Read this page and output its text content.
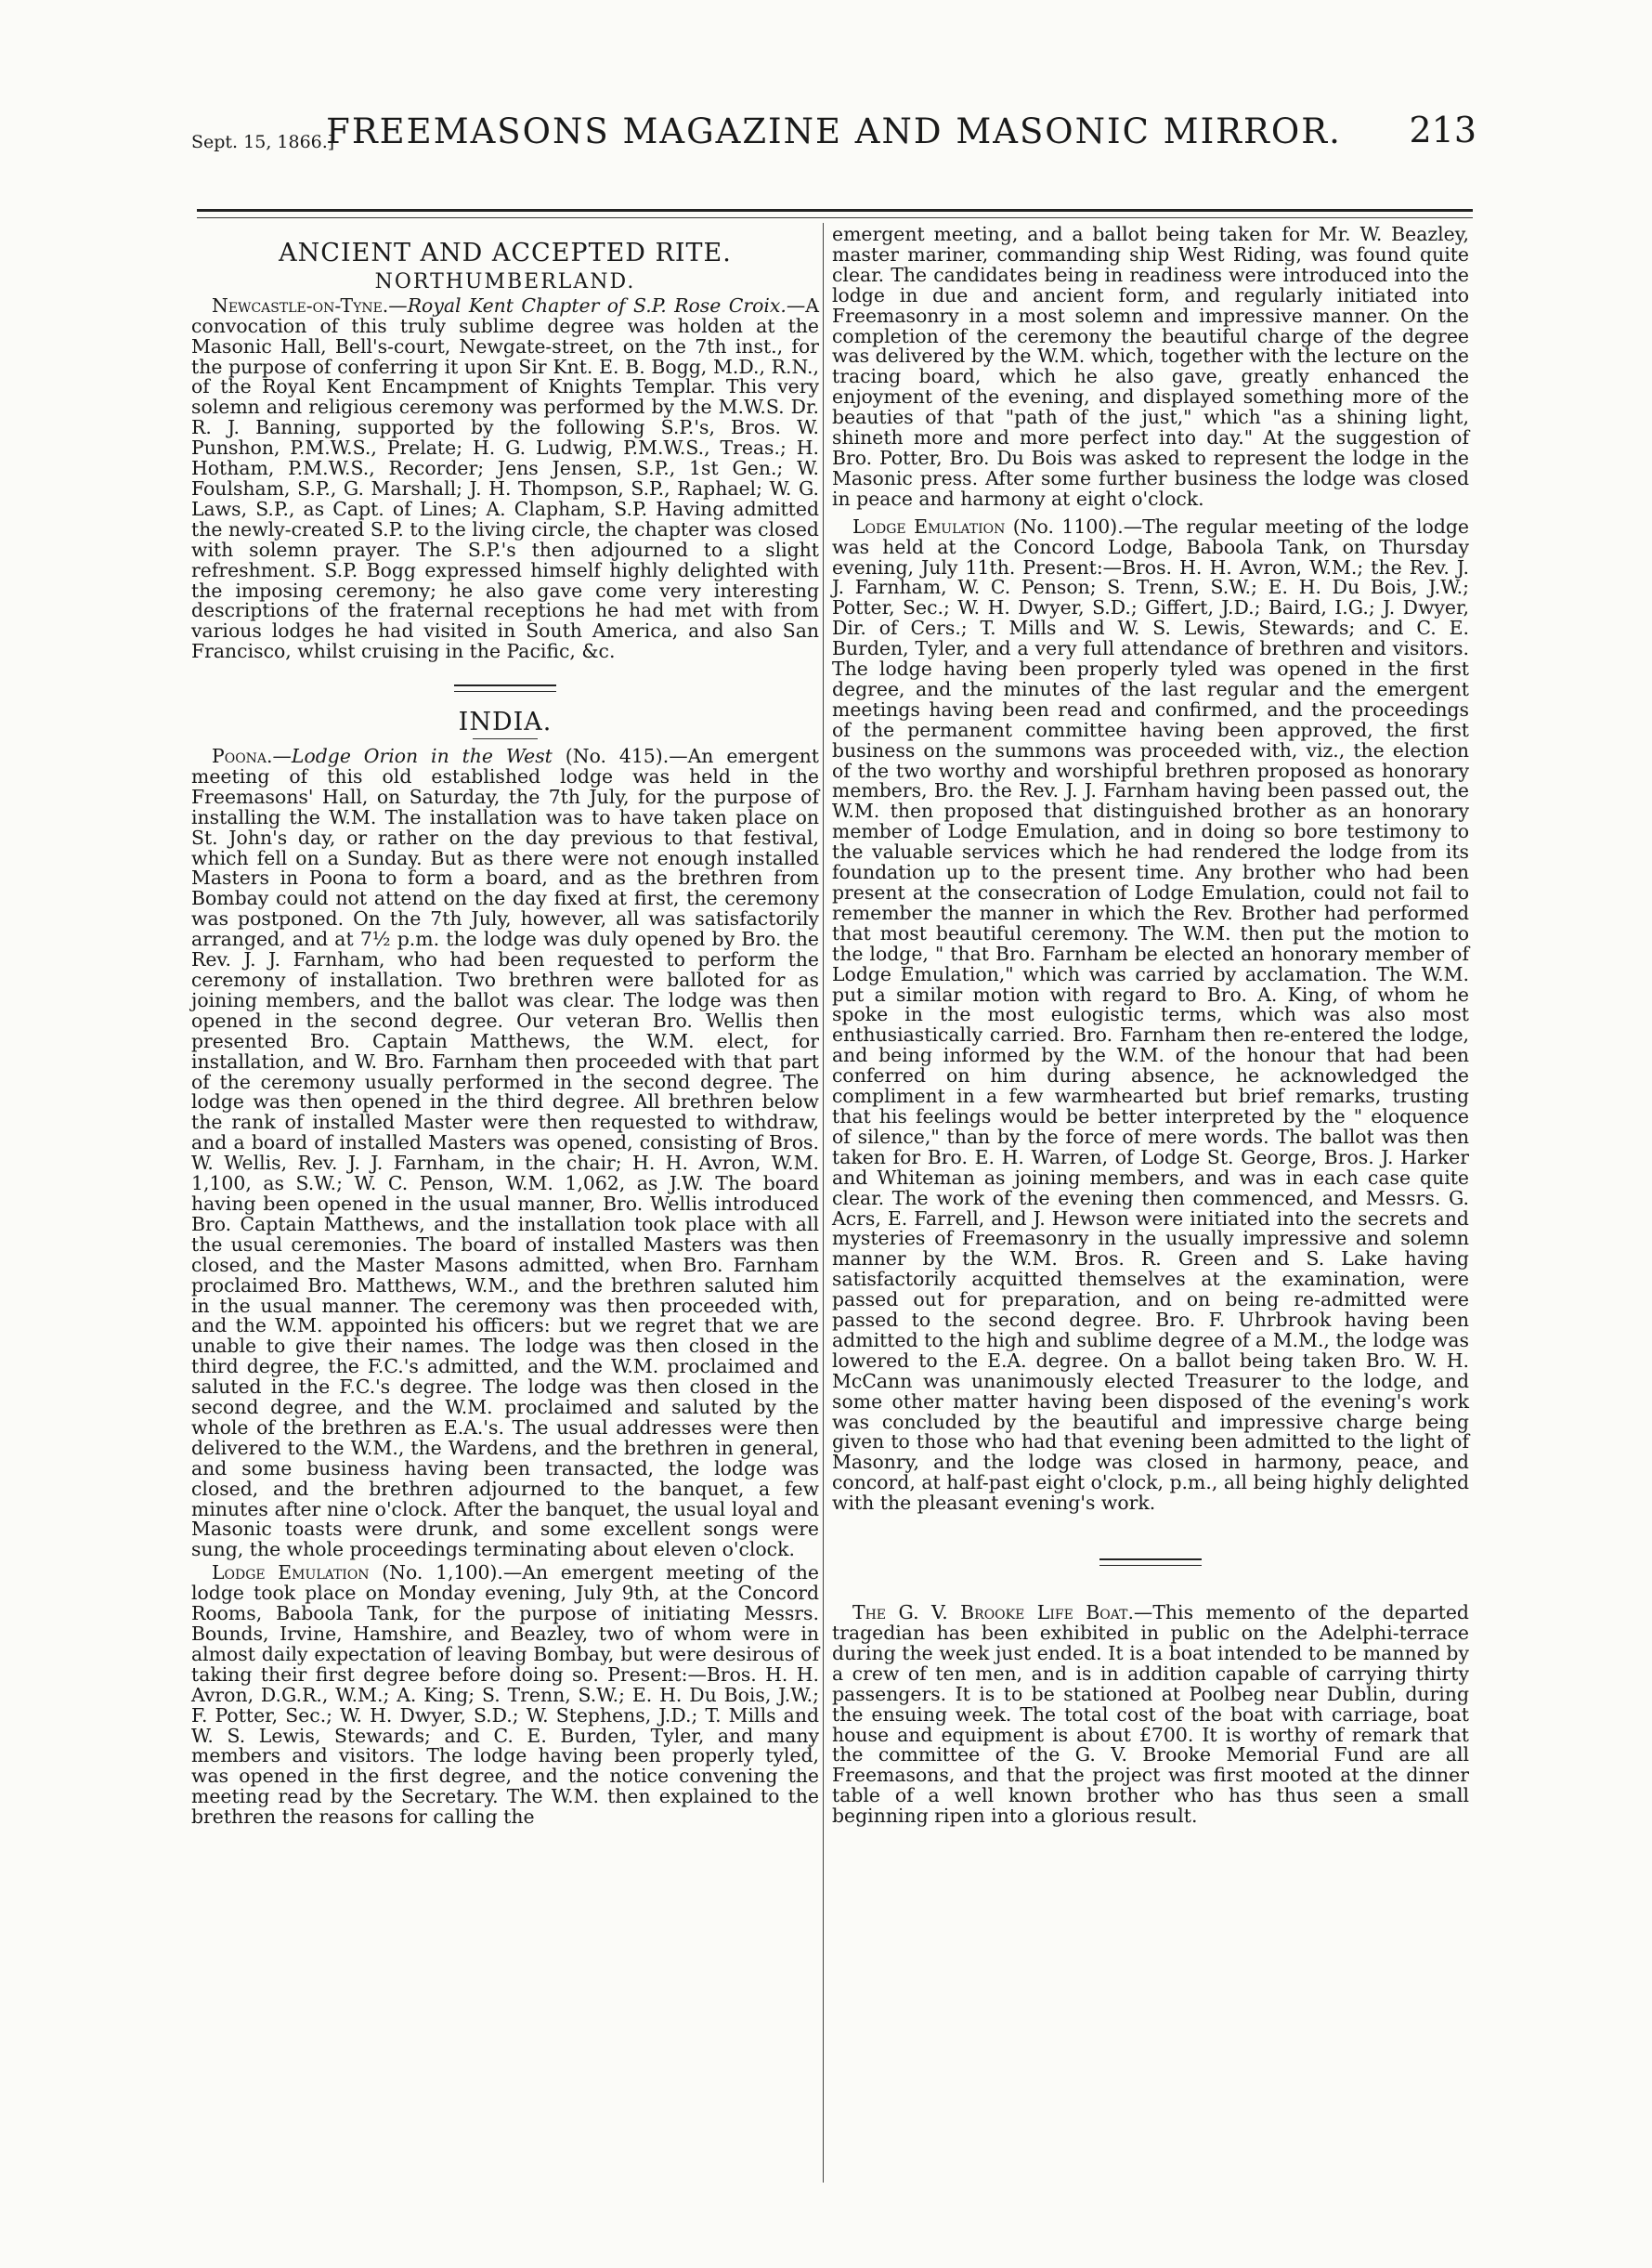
Sept. 15, 1866.]
FREEMASONS MAGAZINE AND MASONIC MIRROR.	213
ANCIENT AND ACCEPTED RITE.
NORTHUMBERLAND.

Newcastle-on-Tyne.—Royal Kent Chapter of S.P. Rose Croix.—A convocation of this truly sublime degree was holden at the Masonic Hall, Bell's-court, Newgate-street, on the 7th inst., for the purpose of conferring it upon Sir Knt. E. B. Bogg, M.D., R.N., of the Royal Kent Encampment of Knights Templar. This very solemn and religious ceremony was performed by the M.W.S. Dr. R. J. Banning, supported by the following S.P.'s, Bros. W. Punshon, P.M.W.S., Prelate; H. G. Ludwig, P.M.W.S., Treas.; H. Hotham, P.M.W.S., Recorder; Jens Jensen, S.P., 1st Gen.; W. Foulsham, S.P., G. Marshall; J. H. Thompson, S.P., Raphael; W. G. Laws, S.P., as Capt. of Lines; A. Clapham, S.P. Having admitted the newly-created S.P. to the living circle, the chapter was closed with solemn prayer. The S.P.'s then adjourned to a slight refreshment. S.P. Bogg expressed himself highly delighted with the imposing ceremony; he also gave come very interesting descriptions of the fraternal receptions he had met with from various lodges he had visited in South America, and also San Francisco, whilst cruising in the Pacific, &c.

INDIA.

Poona.—Lodge Orion in the West (No. 415).—An emergent meeting of this old established lodge was held in the Freemasons' Hall, on Saturday, the 7th July, for the purpose of installing the W.M. The installation was to have taken place on St. John's day, or rather on the day previous to that festival, which fell on a Sunday. But as there were not enough installed Masters in Poona to form a board, and as the brethren from Bombay could not attend on the day fixed at first, the ceremony was postponed. On the 7th July, however, all was satisfactorily arranged, and at 7½ p.m. the lodge was duly opened by Bro. the Rev. J. J. Farnham, who had been requested to perform the ceremony of installation. Two brethren were balloted for as joining members, and the ballot was clear. The lodge was then opened in the second degree. Our veteran Bro. Wellis then presented Bro. Captain Matthews, the W.M. elect, for installation, and W. Bro. Farnham then proceeded with that part of the ceremony usually performed in the second degree. The lodge was then opened in the third degree. All brethren below the rank of installed Master were then requested to withdraw, and a board of installed Masters was opened, consisting of Bros. W. Wellis, Rev. J. J. Farnham, in the chair; H. H. Avron, W.M. 1,100, as S.W.; W. C. Penson, W.M. 1,062, as J.W. The board having been opened in the usual manner, Bro. Wellis introduced Bro. Captain Matthews, and the installation took place with all the usual ceremonies. The board of installed Masters was then closed, and the Master Masons admitted, when Bro. Farnham proclaimed Bro. Matthews, W.M., and the brethren saluted him in the usual manner. The ceremony was then proceeded with, and the W.M. appointed his officers: but we regret that we are unable to give their names. The lodge was then closed in the third degree, the F.C.'s admitted, and the W.M. proclaimed and saluted in the F.C.'s degree. The lodge was then closed in the second degree, and the W.M. proclaimed and saluted by the whole of the brethren as E.A.'s. The usual addresses were then delivered to the W.M., the Wardens, and the brethren in general, and some business having been transacted, the lodge was closed, and the brethren adjourned to the banquet, a few minutes after nine o'clock. After the banquet, the usual loyal and Masonic toasts were drunk, and some excellent songs were sung, the whole proceedings terminating about eleven o'clock.

Lodge Emulation (No. 1,100).—An emergent meeting of the lodge took place on Monday evening, July 9th, at the Concord Rooms, Baboola Tank, for the purpose of initiating Messrs. Bounds, Irvine, Hamshire, and Beazley, two of whom were in almost daily expectation of leaving Bombay, but were desirous of taking their first degree before doing so. Present:—Bros. H. H. Avron, D.G.R., W.M.; A. King; S. Trenn, S.W.; E. H. Du Bois, J.W.; F. Potter, Sec.; W. H. Dwyer, S.D.; W. Stephens, J.D.; T. Mills and W. S. Lewis, Stewards; and C. E. Burden, Tyler, and many members and visitors. The lodge having been properly tyled, was opened in the first degree, and the notice convening the meeting read by the Secretary. The W.M. then explained to the brethren the reasons for calling the

emergent meeting, and a ballot being taken for Mr. W. Beazley, master mariner, commanding ship West Riding, was found quite clear. The candidates being in readiness were introduced into the lodge in due and ancient form, and regularly initiated into Freemasonry in a most solemn and impressive manner. On the completion of the ceremony the beautiful charge of the degree was delivered by the W.M. which, together with the lecture on the tracing board, which he also gave, greatly enhanced the enjoyment of the evening, and displayed something more of the beauties of that "path of the just," which "as a shining light, shineth more and more perfect into day." At the suggestion of Bro. Potter, Bro. Du Bois was asked to represent the lodge in the Masonic press. After some further business the lodge was closed in peace and harmony at eight o'clock.

Lodge Emulation (No. 1100).—The regular meeting of the lodge was held at the Concord Lodge, Baboola Tank, on Thursday evening, July 11th. Present:—Bros. H. H. Avron, W.M.; the Rev. J. J. Farnham, W. C. Penson; S. Trenn, S.W.; E. H. Du Bois, J.W.; Potter, Sec.; W. H. Dwyer, S.D.; Giffert, J.D.; Baird, I.G.; J. Dwyer, Dir. of Cers.; T. Mills and W. S. Lewis, Stewards; and C. E. Burden, Tyler, and a very full attendance of brethren and visitors. The lodge having been properly tyled was opened in the first degree, and the minutes of the last regular and the emergent meetings having been read and confirmed, and the proceedings of the permanent committee having been approved, the first business on the summons was proceeded with, viz., the election of the two worthy and worshipful brethren proposed as honorary members, Bro. the Rev. J. J. Farnham having been passed out, the W.M. then proposed that distinguished brother as an honorary member of Lodge Emulation, and in doing so bore testimony to the valuable services which he had rendered the lodge from its foundation up to the present time. Any brother who had been present at the consecration of Lodge Emulation, could not fail to remember the manner in which the Rev. Brother had performed that most beautiful ceremony. The W.M. then put the motion to the lodge, " that Bro. Farnham be elected an honorary member of Lodge Emulation," which was carried by acclamation. The W.M. put a similar motion with regard to Bro. A. King, of whom he spoke in the most eulogistic terms, which was also most enthusiastically carried. Bro. Farnham then re-entered the lodge, and being informed by the W.M. of the honour that had been conferred on him during absence, he acknowledged the compliment in a few warmhearted but brief remarks, trusting that his feelings would be better interpreted by the " eloquence of silence," than by the force of mere words. The ballot was then taken for Bro. E. H. Warren, of Lodge St. George, Bros. J. Harker and Whiteman as joining members, and was in each case quite clear. The work of the evening then commenced, and Messrs. G. Acrs, E. Farrell, and J. Hewson were initiated into the secrets and mysteries of Freemasonry in the usually impressive and solemn manner by the W.M. Bros. R. Green and S. Lake having satisfactorily acquitted themselves at the examination, were passed out for preparation, and on being re-admitted were passed to the second degree. Bro. F. Uhrbrook having been admitted to the high and sublime degree of a M.M., the lodge was lowered to the E.A. degree. On a ballot being taken Bro. W. H. McCann was unanimously elected Treasurer to the lodge, and some other matter having been disposed of the evening's work was concluded by the beautiful and impressive charge being given to those who had that evening been admitted to the light of Masonry, and the lodge was closed in harmony, peace, and concord, at half-past eight o'clock, p.m., all being highly delighted with the pleasant evening's work.

The G. V. Brooke Life Boat.—This memento of the departed tragedian has been exhibited in public on the Adelphi-terrace during the week just ended. It is a boat intended to be manned by a crew of ten men, and is in addition capable of carrying thirty passengers. It is to be stationed at Poolbeg near Dublin, during the ensuing week. The total cost of the boat with carriage, boat house and equipment is about £700. It is worthy of remark that the committee of the G. V. Brooke Memorial Fund are all Freemasons, and that the project was first mooted at the dinner table of a well known brother who has thus seen a small beginning ripen into a glorious result.
